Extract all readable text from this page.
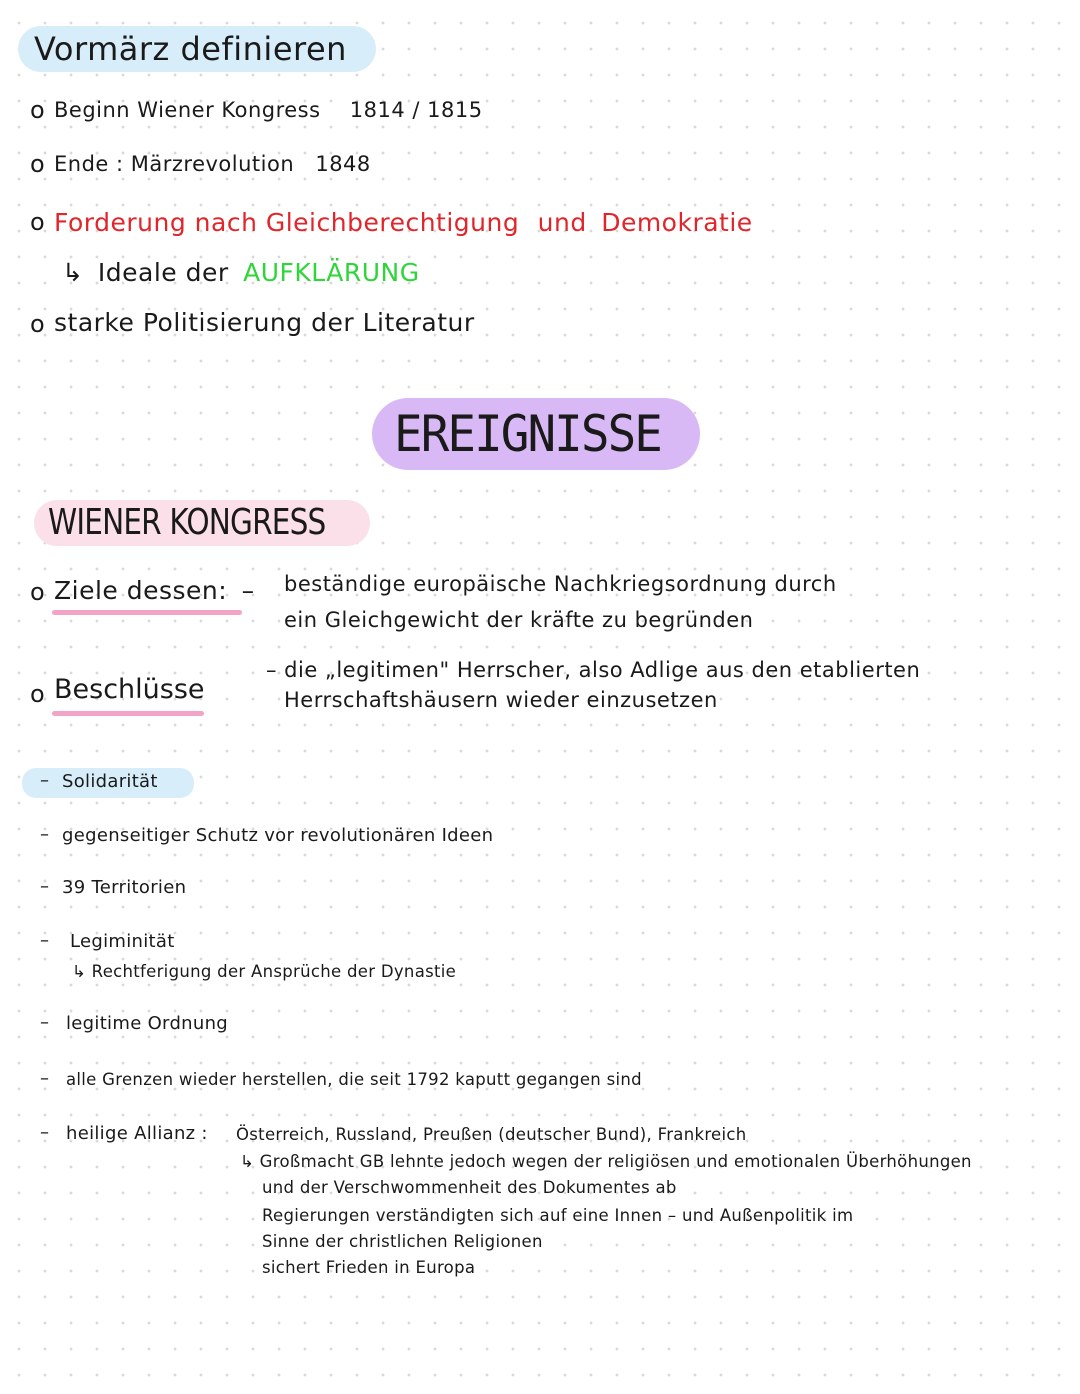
Vormärz definieren
o Beginn Wiener Kongress 1814 / 1815
o Ende : Märzrevolution 1848
o Forderung nach Gleichberechtigung und Demokratie
↳ Ideale der AUFKLÄRUNG
o starke Politisierung der Literatur
EREIGNISSE
WIENER KONGRESS
o Ziele dessen: – beständige europäische Nachkriegsordnung durch
ein Gleichgewicht der kräfte zu begründen
o Beschlüsse
– die „legitimen" Herrscher, also Adlige aus den etablierten
Herrschaftshäusern wieder einzusetzen
– Solidarität
– gegenseitiger Schutz vor revolutionären Ideen
– 39 Territorien
– Legiminität
↳ Rechtferigung der Ansprüche der Dynastie
– legitime Ordnung
– alle Grenzen wieder herstellen, die seit 1792 kaputt gegangen sind
– heilige Allianz : Österreich, Russland, Preußen (deutscher Bund), Frankreich
↳ Großmacht GB lehnte jedoch wegen der religiösen und emotionalen Überhöhungen
und der Verschwommenheit des Dokumentes ab
Regierungen verständigten sich auf eine Innen – und Außenpolitik im
Sinne der christlichen Religionen
sichert Frieden in Europa
